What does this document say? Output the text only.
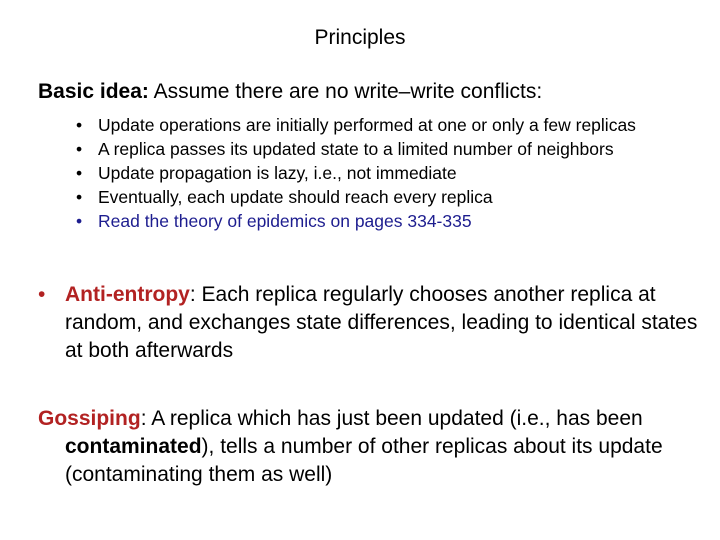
Principles
Basic idea: Assume there are no write–write conflicts:
• Update operations are initially performed at one or only a few replicas
• A replica passes its updated state to a limited number of neighbors
• Update propagation is lazy, i.e., not immediate
• Eventually, each update should reach every replica
• Read the theory of epidemics on pages 334-335
• Anti-entropy: Each replica regularly chooses another replica at random, and exchanges state differences, leading to identical states at both afterwards
Gossiping: A replica which has just been updated (i.e., has been contaminated), tells a number of other replicas about its update (contaminating them as well)
